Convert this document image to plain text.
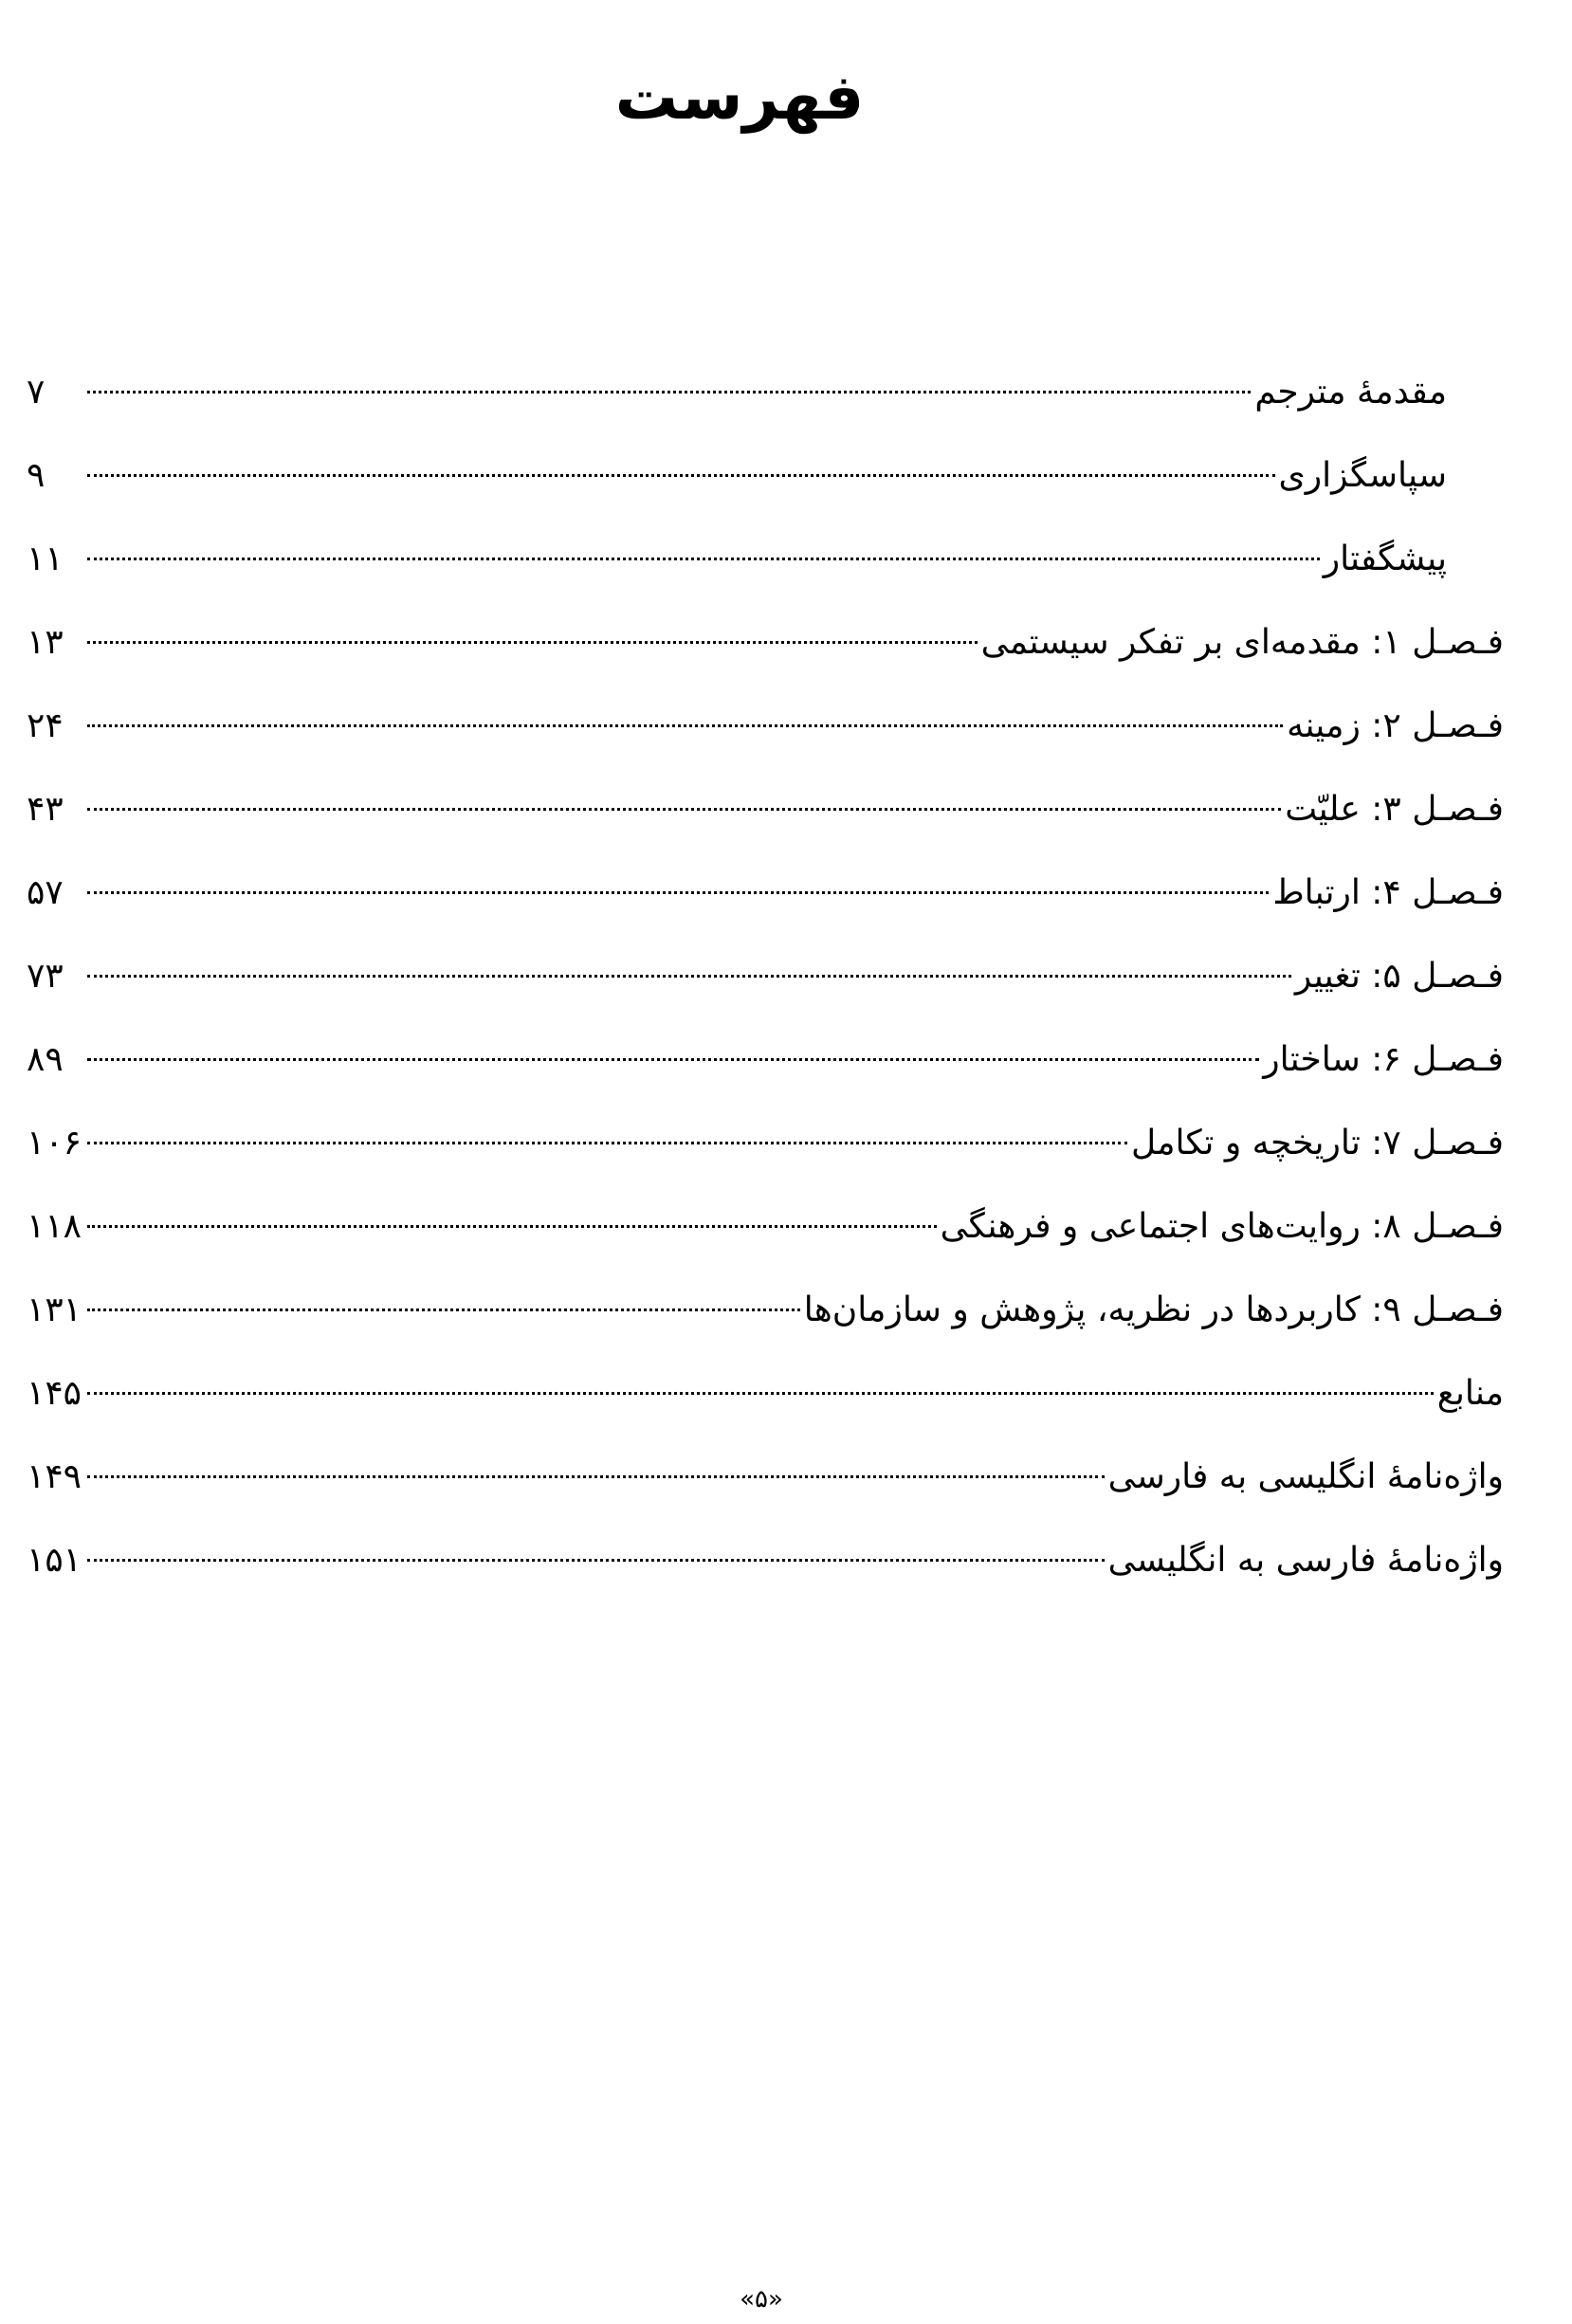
فهرست
مقدمهٔ مترجم
۷
سپاسگزاری
۹
پیشگفتار
۱۱
فـصـل ۱: مقدمه‌ای بر تفکر سیستمی
۱۳
فـصـل ۲: زمینه
۲۴
فـصـل ۳: علیّت
۴۳
فـصـل ۴: ارتباط
۵۷
فـصـل ۵: تغییر
۷۳
فـصـل ۶: ساختار
۸۹
فـصـل ۷: تاریخچه و تکامل
۱۰۶
فـصـل ۸: روایت‌های اجتماعی و فرهنگی
۱۱۸
فـصـل ۹: کاربردها در نظریه، پژوهش و سازمان‌ها
۱۳۱
منابع
۱۴۵
واژه‌نامهٔ انگلیسی به فارسی
۱۴۹
واژه‌نامهٔ فارسی به انگلیسی
۱۵۱
«۵»
